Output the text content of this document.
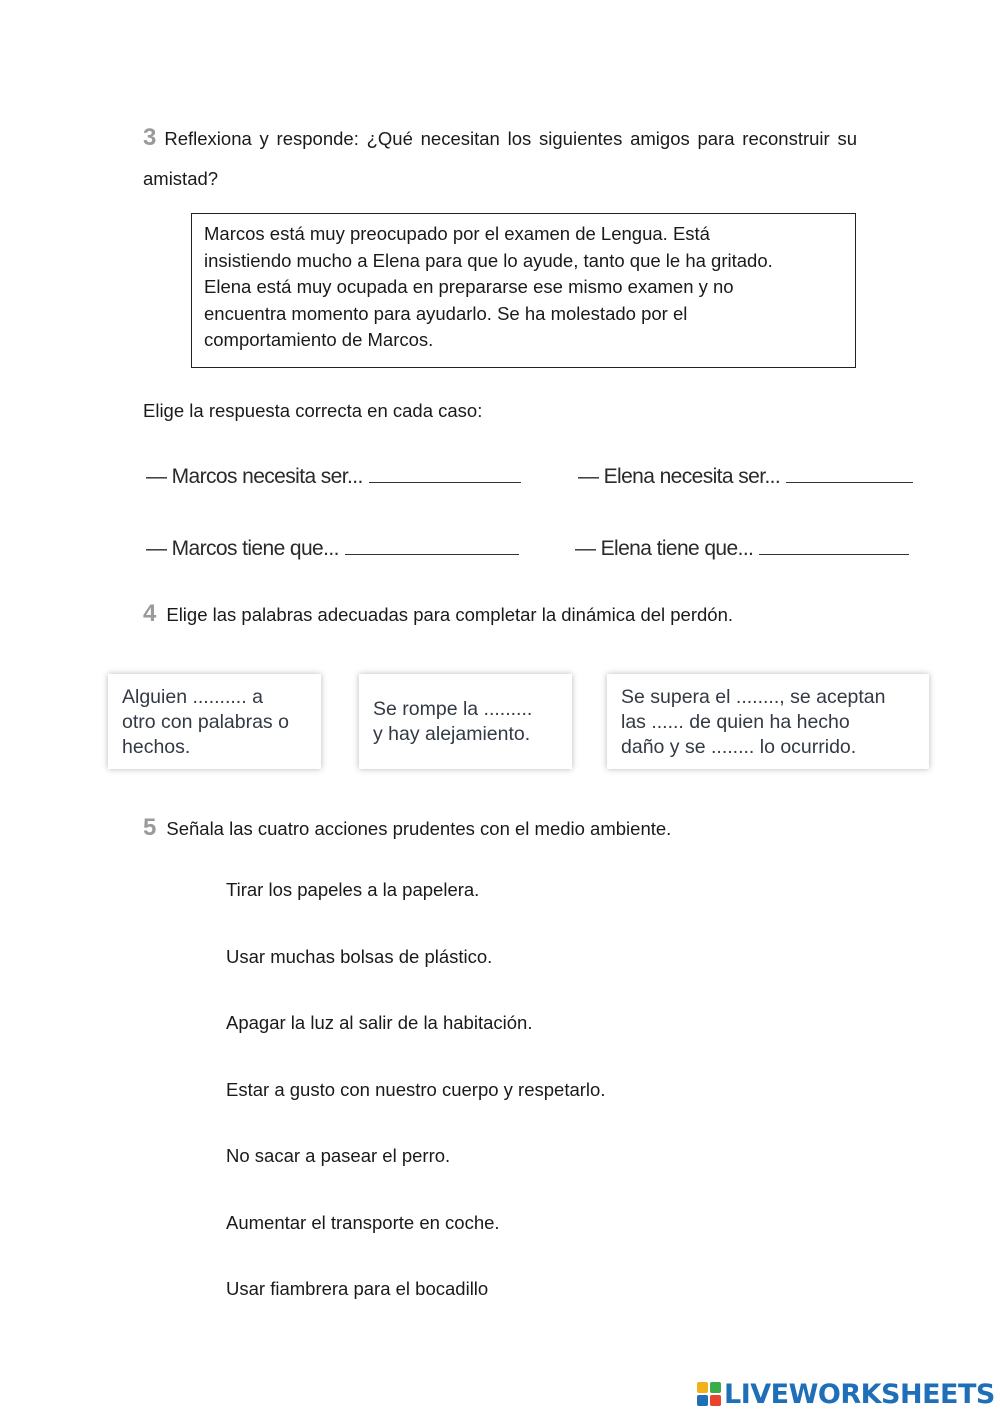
3 Reflexiona y responde: ¿Qué necesitan los siguientes amigos para reconstruir su amistad?
Marcos está muy preocupado por el examen de Lengua. Está
insistiendo mucho a Elena para que lo ayude, tanto que le ha gritado.
Elena está muy ocupada en prepararse ese mismo examen y no
encuentra momento para ayudarlo. Se ha molestado por el
comportamiento de Marcos.
Elige la respuesta correcta en cada caso:
— Marcos necesita ser...	— Elena necesita ser...
— Marcos tiene que...	— Elena tiene que...
4 Elige las palabras adecuadas para completar la dinámica del perdón.
Alguien .......... a
otro con palabras o
hechos.
Se rompe la .........
y hay alejamiento.
Se supera el ........, se aceptan
las ...... de quien ha hecho
daño y se ........ lo ocurrido.
5 Señala las cuatro acciones prudentes con el medio ambiente.
Tirar los papeles a la papelera.
Usar muchas bolsas de plástico.
Apagar la luz al salir de la habitación.
Estar a gusto con nuestro cuerpo y respetarlo.
No sacar a pasear el perro.
Aumentar el transporte en coche.
Usar fiambrera para el bocadillo
LIVEWORKSHEETS
